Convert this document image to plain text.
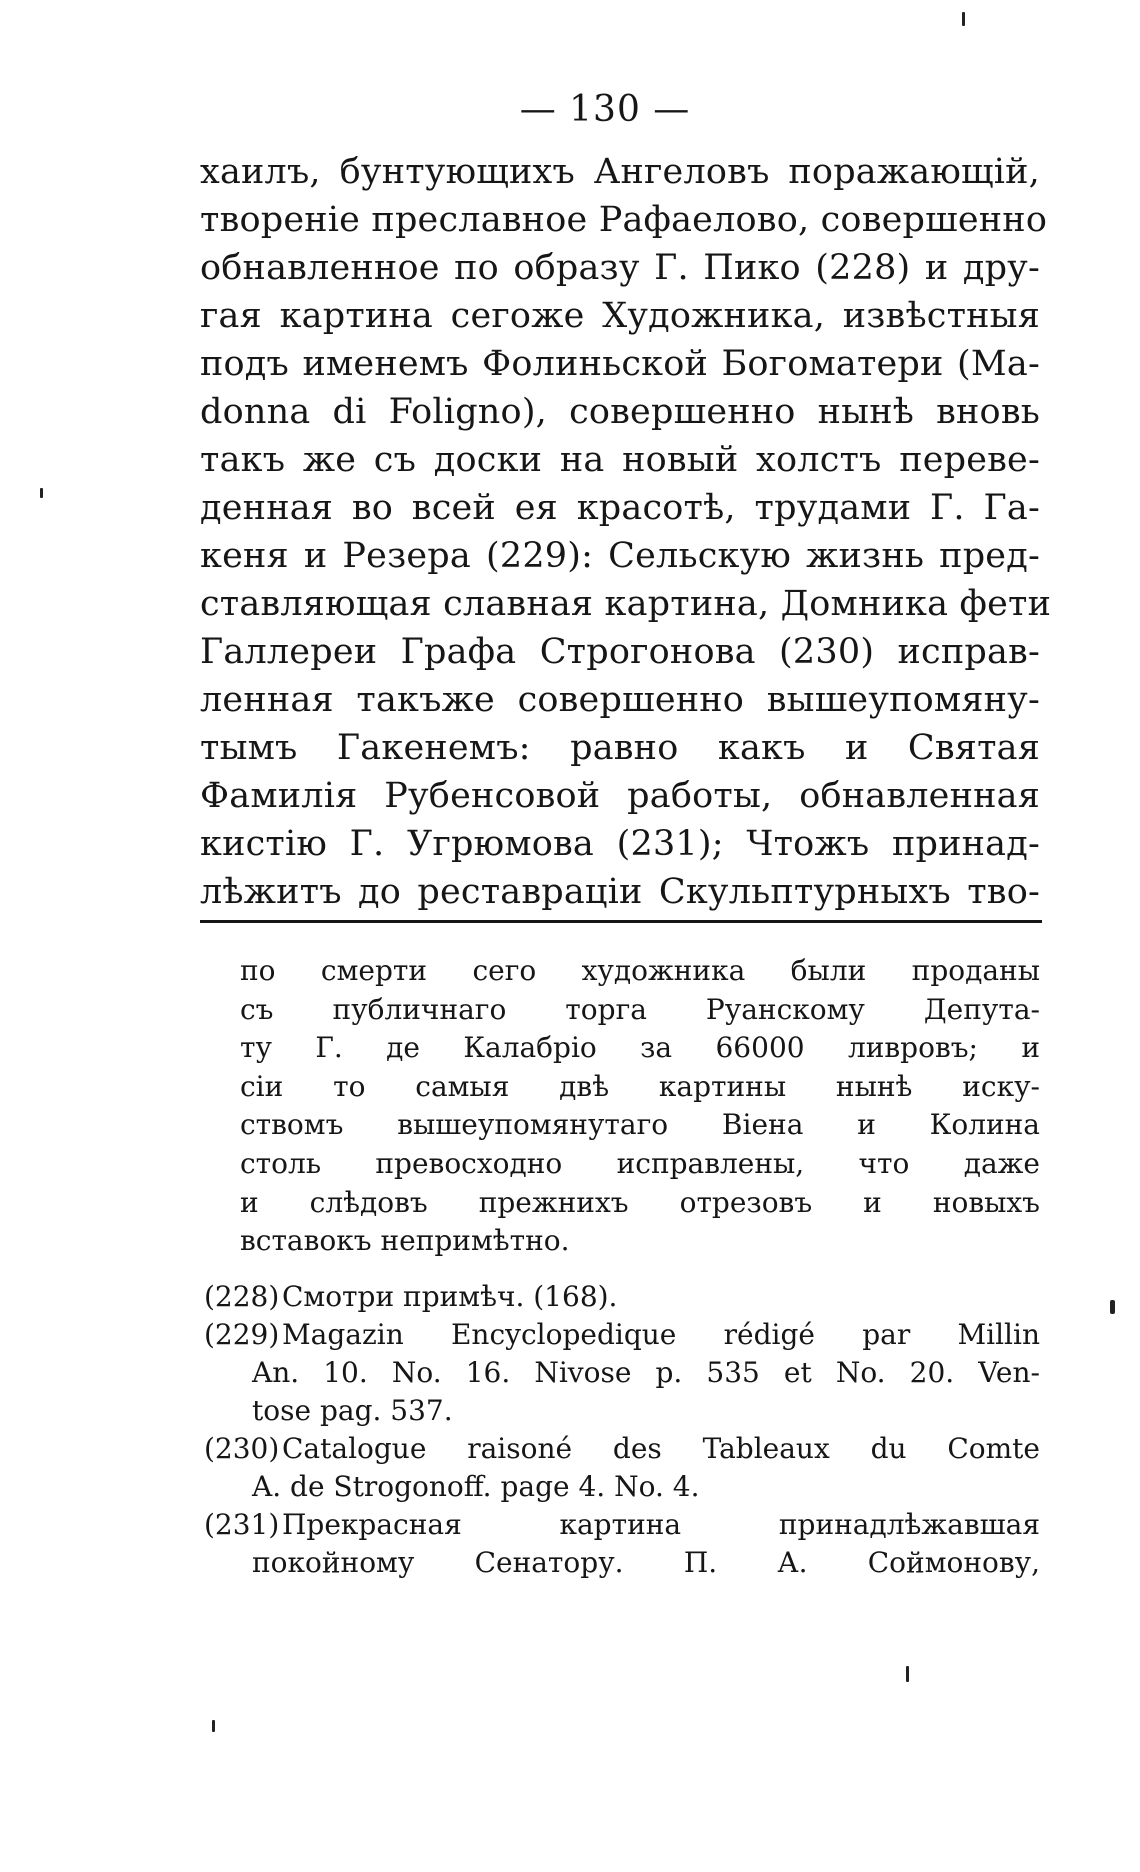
— 130 —
хаилъ, бунтующихъ Ангеловъ поражающій,
твореніе преславное Рафаелово, совершенно
обнавленное по образу Г. Пико (228) и дру-
гая картина сегоже Художника, извѣстныя
подъ именемъ Фолиньской Богоматери (Ма-
donna di Foligno), совершенно нынѣ вновь
такъ же съ доски на новый холстъ переве-
денная во всей ея красотѣ, трудами Г. Га-
кеня и Резера (229): Сельскую жизнь пред-
ставляющая славная картина, Домника фети
Галлереи Графа Строгонова (230) исправ-
ленная такъже совершенно вышеупомяну-
тымъ Гакенемъ: равно какъ и Святая
Фамилія Рубенсовой работы, обнавленная
кистію Г. Угрюмова (231); Чтожъ принад-
лѣжитъ до реставраціи Скульптурныхъ тво-
по смерти сего художника были проданы
съ публичнаго торга Руанскому Депута-
ту Г. де Калабріо за 66000 ливровъ; и
сіи то самыя двѣ картины нынѣ иску-
ствомъ вышеупомянутаго Віена и Колина
столь превосходно исправлены, что даже
и слѣдовъ прежнихъ отрезовъ и новыхъ
вставокъ непримѣтно.
(228)Смотри примѣч. (168).
(229)Magazin Encyclopedique rédigé par Millin
An. 10. No. 16. Nivose p. 535 et No. 20. Ven-
tose pag. 537.
(230)Catalogue raisoné des Tableaux du Comte
A. de Strogonoff. page 4. No. 4.
(231)Прекрасная картина принадлѣжавшая
покойному Сенатору. П. А. Соймонову,
